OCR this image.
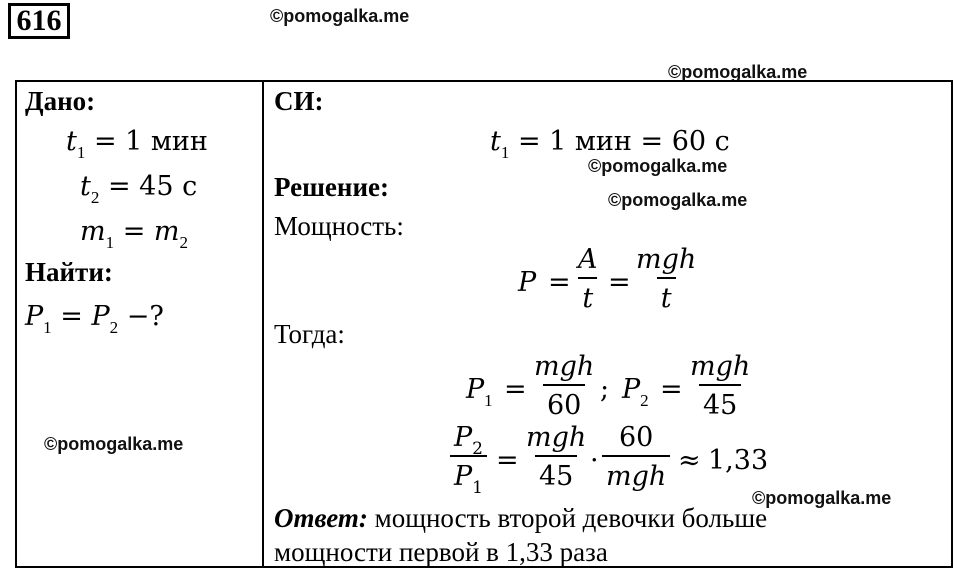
616	©pomogalka.me
©pomogalka.me
©pomogalka.me
©pomogalka.me
©pomogalka.me
©pomogalka.me
Дано:
$t_1 = 1$ мин
$t_2 = 45$ с
$m_1 = m_2$
Найти:
$P_1 = P_2$ −?
СИ:
$t_1 = 1$ мин = 60 с
Решение:
Мощность:
$P = \frac{A}{t}$ =
mgh
t
Тогда:
$P_1$ =
mgh
60
; $P_2$ =
mgh
45
$\frac{P_2}{P_1}$ =
mgh
45
·
60
mgh
≈ 1,33
Ответ: мощность второй девочки больше
мощности первой в 1,33 раза
